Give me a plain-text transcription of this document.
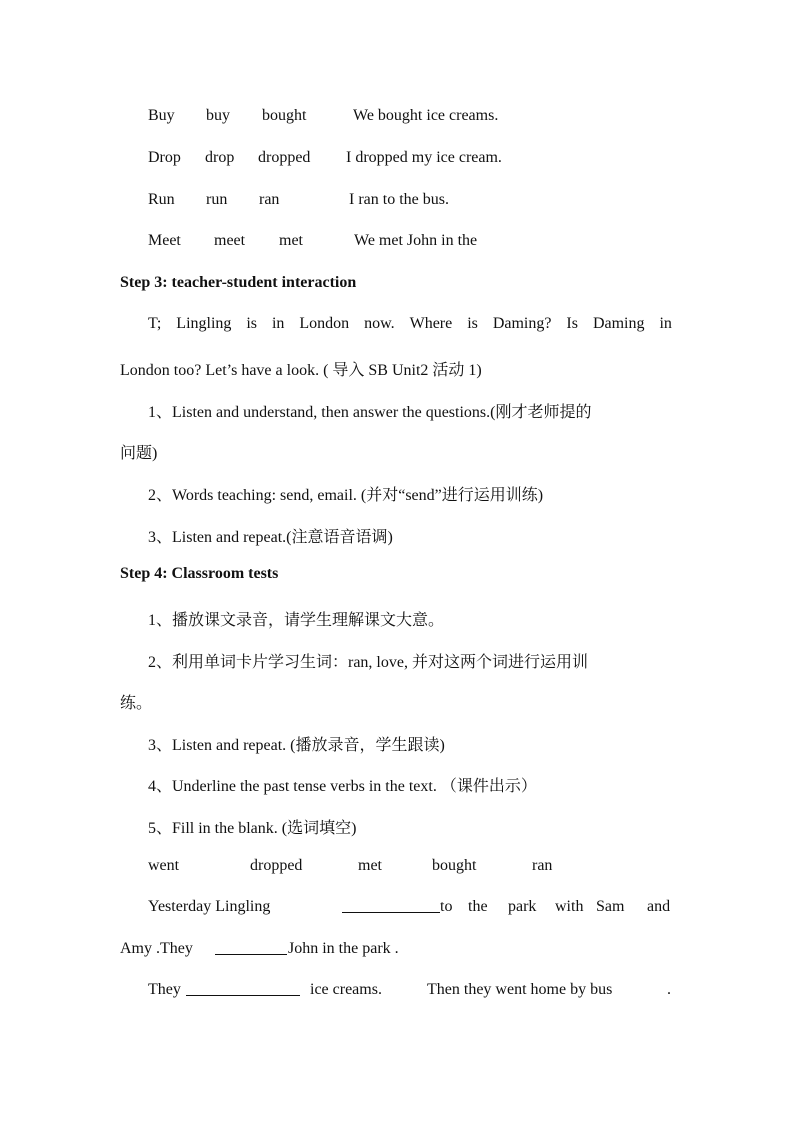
Buy buy bought	We bought ice creams.
Drop drop dropped I dropped my ice cream.
Run run ran	I ran to the bus.
Meet meet met	We met John in the
Step 3: teacher-student interaction
T; Lingling is in London now. Where is Daming? Is Daming in
London too? Let’s have a look. ( 导入 SB Unit2 活动 1)
1、Listen and understand, then answer the questions.(刚才老师提的
问题)
2、Words teaching: send, email. (并对“send”进行运用训练)
3、Listen and repeat.(注意语音语调)
Step 4: Classroom tests
1、播放课文录音，请学生理解课文大意。
2、利用单词卡片学习生词：ran, love, 并对这两个词进行运用训
练。
3、Listen and repeat. (播放录音，学生跟读)
4、Underline the past tense verbs in the text. （课件出示）
5、Fill in the blank. (选词填空)
went	dropped	met	bought	ran
Yesterday Lingling	to the park with Sam and
Amy .They	John in the park .
They	ice creams.	Then they went home by bus	.
